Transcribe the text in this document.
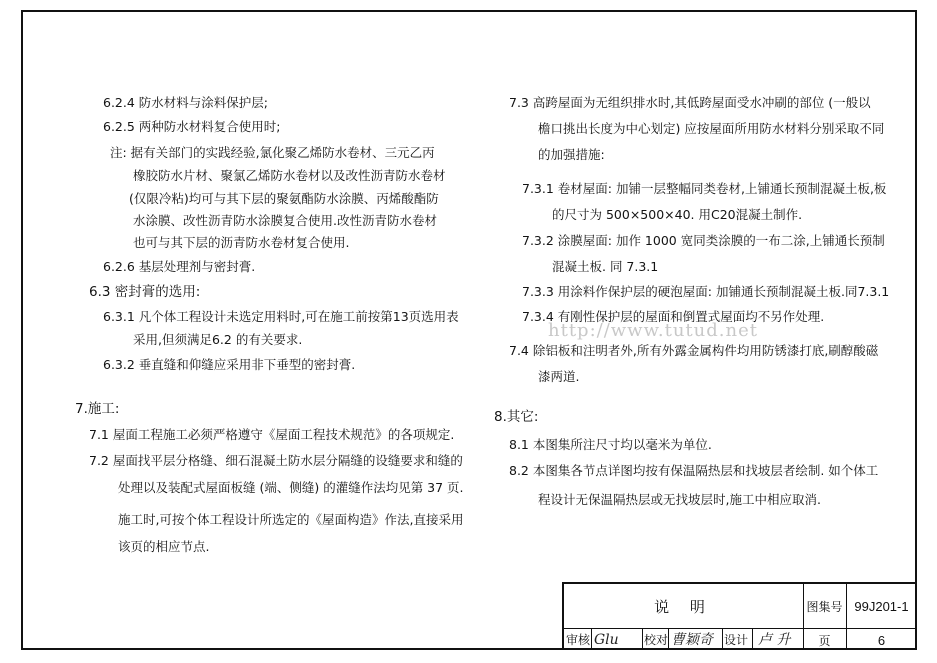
6.2.4 防水材料与涂料保护层;
6.2.5 两种防水材料复合使用时;
注: 据有关部门的实践经验,氯化聚乙烯防水卷材、三元乙丙
橡胶防水片材、聚氯乙烯防水卷材以及改性沥青防水卷材
(仅限冷粘)均可与其下层的聚氨酯防水涂膜、丙烯酸酯防
水涂膜、改性沥青防水涂膜复合使用.改性沥青防水卷材
也可与其下层的沥青防水卷材复合使用.
6.2.6 基层处理剂与密封膏.
6.3 密封膏的选用:
6.3.1 凡个体工程设计未选定用料时,可在施工前按第13页选用表
采用,但须满足6.2 的有关要求.
6.3.2 垂直缝和仰缝应采用非下垂型的密封膏.
7.施工:
7.1 屋面工程施工必须严格遵守《屋面工程技术规范》的各项规定.
7.2 屋面找平层分格缝、细石混凝土防水层分隔缝的设缝要求和缝的
处理以及装配式屋面板缝 (端、侧缝) 的灌缝作法均见第 37 页.
施工时,可按个体工程设计所选定的《屋面构造》作法,直接采用
该页的相应节点.
7.3 高跨屋面为无组织排水时,其低跨屋面受水冲刷的部位 (一般以
檐口挑出长度为中心划定) 应按屋面所用防水材料分别采取不同
的加强措施:
7.3.1 卷材屋面: 加铺一层整幅同类卷材,上铺通长预制混凝土板,板
的尺寸为 500×500×40. 用C20混凝土制作.
7.3.2 涂膜屋面: 加作 1000 宽同类涂膜的一布二涂,上铺通长预制
混凝土板. 同 7.3.1
7.3.3 用涂料作保护层的硬泡屋面: 加铺通长预制混凝土板.同7.3.1
7.3.4 有刚性保护层的屋面和倒置式屋面均不另作处理.
7.4 除铝板和注明者外,所有外露金属构件均用防锈漆打底,刷醇酸磁
漆两道.
8.其它:
8.1 本图集所注尺寸均以毫米为单位.
8.2 本图集各节点详图均按有保温隔热层和找坡层者绘制. 如个体工
程设计无保温隔热层或无找坡层时,施工中相应取消.
http://www.tutud.net
说 明	图集号 99J201-1
审核 Glu 校对 曹颖奇 设计 卢 升	页	6
